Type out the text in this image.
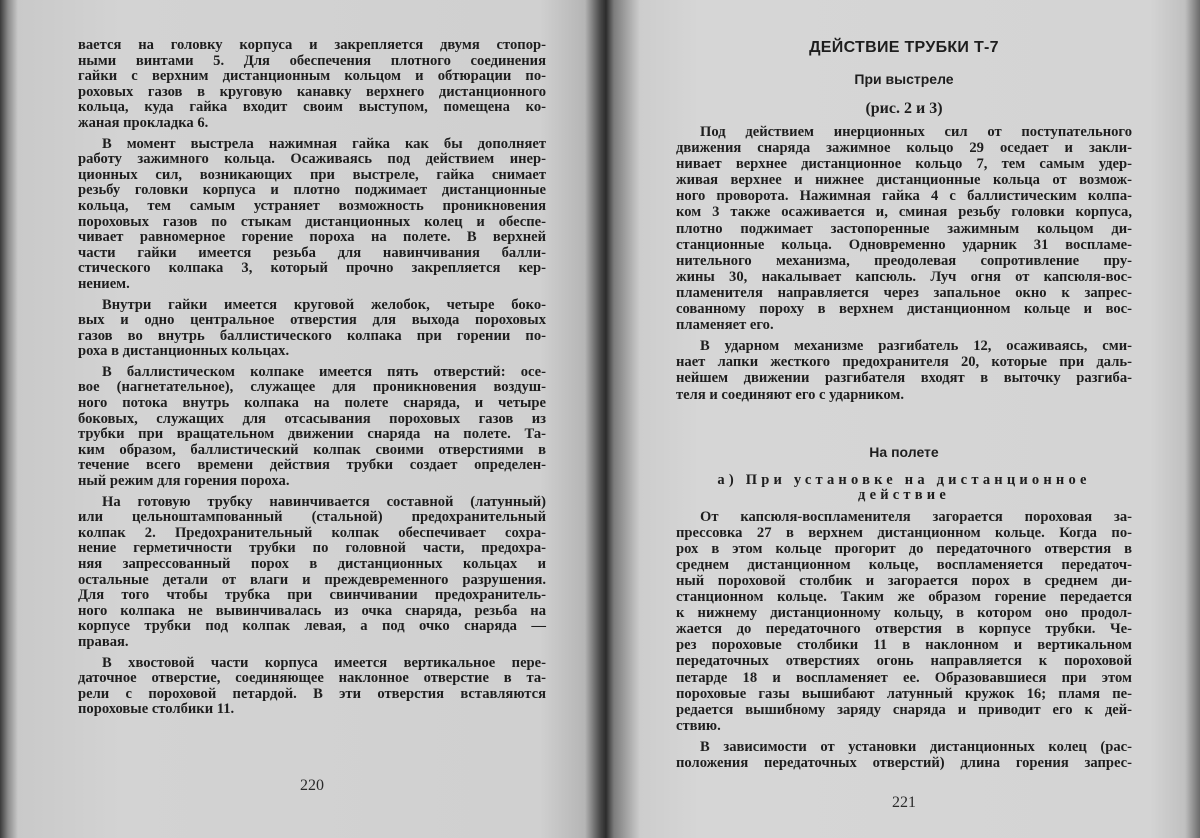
вается на головку корпуса и закрепляется двумя стопор-
ными винтами 5. Для обеспечения плотного соединения
гайки с верхним дистанционным кольцом и обтюрации по-
роховых газов в круговую канавку верхнего дистанционного
кольца, куда гайка входит своим выступом, помещена ко-
жаная прокладка 6.
В момент выстрела нажимная гайка как бы дополняет
работу зажимного кольца. Осаживаясь под действием инер-
ционных сил, возникающих при выстреле, гайка снимает
резьбу головки корпуса и плотно поджимает дистанционные
кольца, тем самым устраняет возможность проникновения
пороховых газов по стыкам дистанционных колец и обеспе-
чивает равномерное горение пороха на полете. В верхней
части гайки имеется резьба для навинчивания балли-
стического колпака 3, который прочно закрепляется кер-
нением.
Внутри гайки имеется круговой желобок, четыре боко-
вых и одно центральное отверстия для выхода пороховых
газов во внутрь баллистического колпака при горении по-
роха в дистанционных кольцах.
В баллистическом колпаке имеется пять отверстий: осе-
вое (нагнетательное), служащее для проникновения воздуш-
ного потока внутрь колпака на полете снаряда, и четыре
боковых, служащих для отсасывания пороховых газов из
трубки при вращательном движении снаряда на полете. Та-
ким образом, баллистический колпак своими отверстиями в
течение всего времени действия трубки создает определен-
ный режим для горения пороха.
На готовую трубку навинчивается составной (латунный)
или цельноштампованный (стальной) предохранительный
колпак 2. Предохранительный колпак обеспечивает сохра-
нение герметичности трубки по головной части, предохра-
няя запрессованный порох в дистанционных кольцах и
остальные детали от влаги и преждевременного разрушения.
Для того чтобы трубка при свинчивании предохранитель-
ного колпака не вывинчивалась из очка снаряда, резьба на
корпусе трубки под колпак левая, а под очко снаряда —
правая.
В хвостовой части корпуса имеется вертикальное пере-
даточное отверстие, соединяющее наклонное отверстие в та-
рели с пороховой петардой. В эти отверстия вставляются
пороховые столбики 11.
220
ДЕЙСТВИЕ ТРУБКИ Т-7
При выстреле
(рис. 2 и 3)
Под действием инерционных сил от поступательного
движения снаряда зажимное кольцо 29 оседает и закли-
нивает верхнее дистанционное кольцо 7, тем самым удер-
живая верхнее и нижнее дистанционные кольца от возмож-
ного проворота. Нажимная гайка 4 с баллистическим колпа-
ком 3 также осаживается и, сминая резьбу головки корпуса,
плотно поджимает застопоренные зажимным кольцом ди-
станционные кольца. Одновременно ударник 31 воспламе-
нительного механизма, преодолевая сопротивление пру-
жины 30, накалывает капсюль. Луч огня от капсюля-вос-
пламенителя направляется через запальное окно к запрес-
сованному пороху в верхнем дистанционном кольце и вос-
пламеняет его.
В ударном механизме разгибатель 12, осаживаясь, сми-
нает лапки жесткого предохранителя 20, которые при даль-
нейшем движении разгибателя входят в выточку разгиба-
теля и соединяют его с ударником.
На полете
а) При установке на дистанционное
действие
От капсюля-воспламенителя загорается пороховая за-
прессовка 27 в верхнем дистанционном кольце. Когда по-
рох в этом кольце прогорит до передаточного отверстия в
среднем дистанционном кольце, воспламеняется передаточ-
ный пороховой столбик и загорается порох в среднем ди-
станционном кольце. Таким же образом горение передается
к нижнему дистанционному кольцу, в котором оно продол-
жается до передаточного отверстия в корпусе трубки. Че-
рез пороховые столбики 11 в наклонном и вертикальном
передаточных отверстиях огонь направляется к пороховой
петарде 18 и воспламеняет ее. Образовавшиеся при этом
пороховые газы вышибают латунный кружок 16; пламя пе-
редается вышибному заряду снаряда и приводит его к дей-
ствию.
В зависимости от установки дистанционных колец (рас-
положения передаточных отверстий) длина горения запрес-
221
